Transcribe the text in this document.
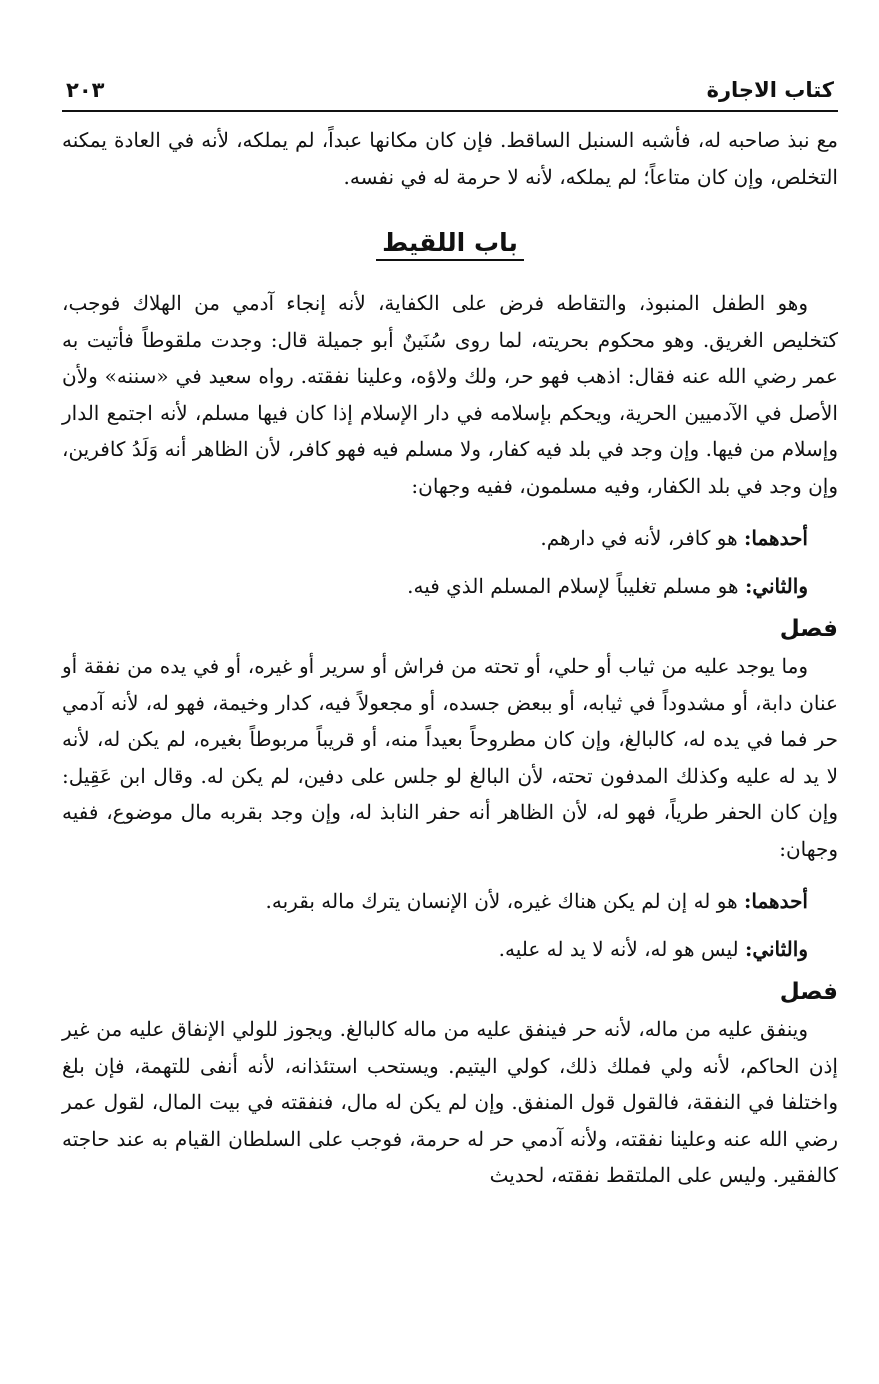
كتاب الاجارة
٢٠٣

مع نبذ صاحبه له، فأشبه السنبل الساقط. فإن كان مكانها عبداً، لم يملكه، لأنه في العادة يمكنه التخلص، وإن كان متاعاً؛ لم يملكه، لأنه لا حرمة له في نفسه.

باب اللقيط

وهو الطفل المنبوذ، والتقاطه فرض على الكفاية، لأنه إنجاء آدمي من الهلاك فوجب، كتخليص الغريق. وهو محكوم بحريته، لما روى سُنَينٌ أبو جميلة قال: وجدت ملقوطاً فأتيت به عمر رضي الله عنه فقال: اذهب فهو حر، ولك ولاؤه، وعلينا نفقته. رواه سعيد في «سننه» ولأن الأصل في الآدميين الحرية، ويحكم بإسلامه في دار الإسلام إذا كان فيها مسلم، لأنه اجتمع الدار وإسلام من فيها. وإن وجد في بلد فيه كفار، ولا مسلم فيه فهو كافر، لأن الظاهر أنه وَلَدُ كافرين، وإن وجد في بلد الكفار، وفيه مسلمون، ففيه وجهان:

أحدهما: هو كافر، لأنه في دارهم.

والثاني: هو مسلم تغليباً لإسلام المسلم الذي فيه.

فصل

وما يوجد عليه من ثياب أو حلي، أو تحته من فراش أو سرير أو غيره، أو في يده من نفقة أو عنان دابة، أو مشدوداً في ثيابه، أو ببعض جسده، أو مجعولاً فيه، كدار وخيمة، فهو له، لأنه آدمي حر فما في يده له، كالبالغ، وإن كان مطروحاً بعيداً منه، أو قريباً مربوطاً بغيره، لم يكن له، لأنه لا يد له عليه وكذلك المدفون تحته، لأن البالغ لو جلس على دفين، لم يكن له. وقال ابن عَقِيل: وإن كان الحفر طرياً، فهو له، لأن الظاهر أنه حفر النابذ له، وإن وجد بقربه مال موضوع، ففيه وجهان:

أحدهما: هو له إن لم يكن هناك غيره، لأن الإنسان يترك ماله بقربه.

والثاني: ليس هو له، لأنه لا يد له عليه.

فصل

وينفق عليه من ماله، لأنه حر فينفق عليه من ماله كالبالغ. ويجوز للولي الإنفاق عليه من غير إذن الحاكم، لأنه ولي فملك ذلك، كولي اليتيم. ويستحب استئذانه، لأنه أنفى للتهمة، فإن بلغ واختلفا في النفقة، فالقول قول المنفق. وإن لم يكن له مال، فنفقته في بيت المال، لقول عمر رضي الله عنه وعلينا نفقته، ولأنه آدمي حر له حرمة، فوجب على السلطان القيام به عند حاجته كالفقير. وليس على الملتقط نفقته، لحديث
